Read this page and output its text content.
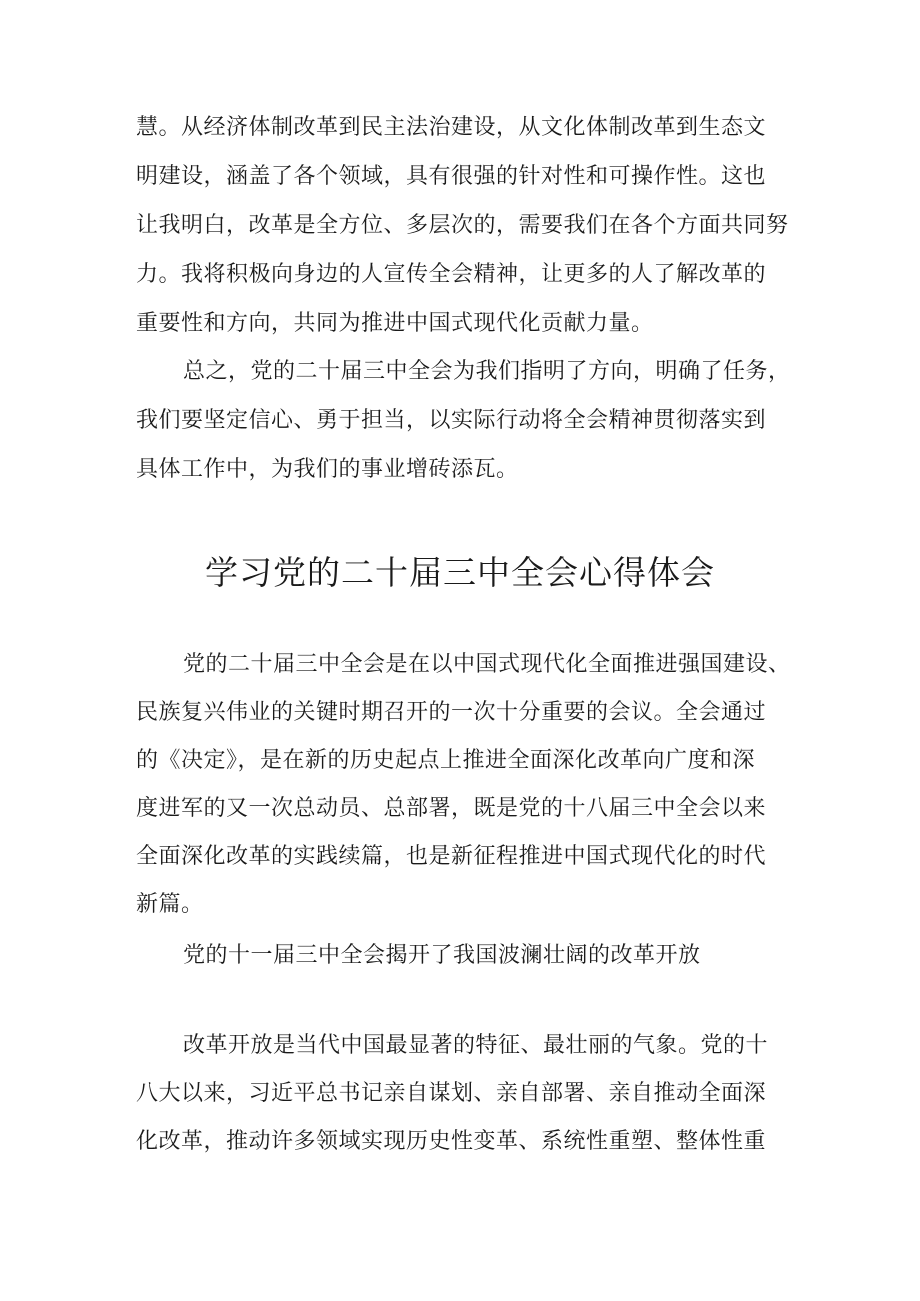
慧。从经济体制改革到民主法治建设，从文化体制改革到生态文
明建设，涵盖了各个领域，具有很强的针对性和可操作性。这也
让我明白，改革是全方位、多层次的，需要我们在各个方面共同努
力。我将积极向身边的人宣传全会精神，让更多的人了解改革的
重要性和方向，共同为推进中国式现代化贡献力量。
总之，党的二十届三中全会为我们指明了方向，明确了任务，
我们要坚定信心、勇于担当，以实际行动将全会精神贯彻落实到
具体工作中，为我们的事业增砖添瓦。
学习党的二十届三中全会心得体会
党的二十届三中全会是在以中国式现代化全面推进强国建设、
民族复兴伟业的关键时期召开的一次十分重要的会议。全会通过
的《决定》，是在新的历史起点上推进全面深化改革向广度和深
度进军的又一次总动员、总部署，既是党的十八届三中全会以来
全面深化改革的实践续篇，也是新征程推进中国式现代化的时代
新篇。
党的十一届三中全会揭开了我国波澜壮阔的改革开放
改革开放是当代中国最显著的特征、最壮丽的气象。党的十
八大以来，习近平总书记亲自谋划、亲自部署、亲自推动全面深
化改革，推动许多领域实现历史性变革、系统性重塑、整体性重
